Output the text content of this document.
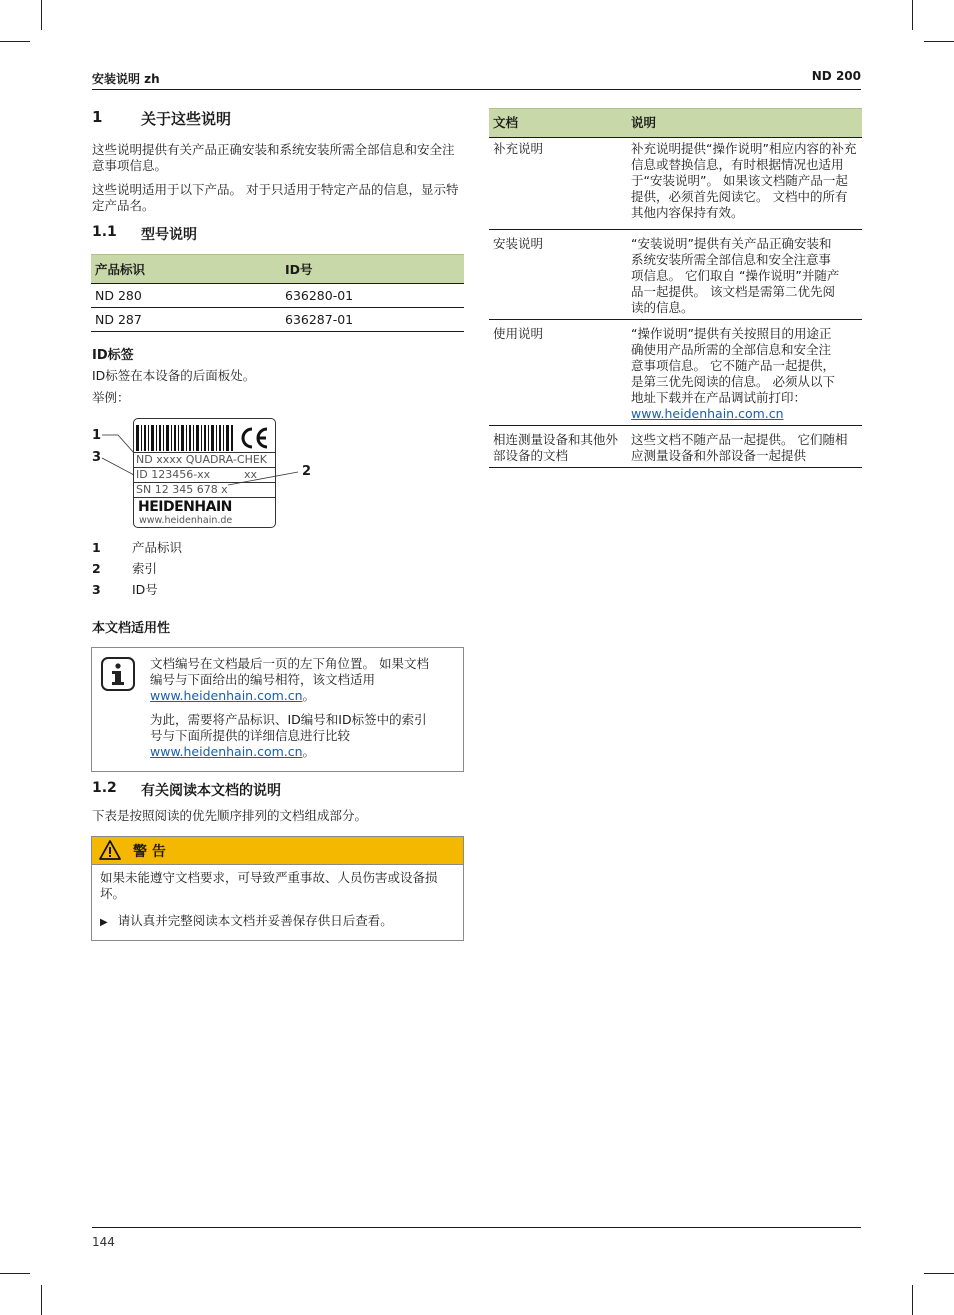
安装说明 zh	ND 200
1	关于这些说明
这些说明提供有关产品正确安装和系统安装所需全部信息和安全注意事项信息。
这些说明适用于以下产品。 对于只适用于特定产品的信息，显示特定产品名。
1.1 型号说明
产品标识	ID号
ND 280	636280-01
ND 287	636287-01
ID标签
ID标签在本设备的后面板处。
举例：
1
3
2
ND xxxx QUADRA-CHEK
ID 123456-xx	xx
SN 12 345 678 x
HEIDENHAIN
www.heidenhain.de
1	产品标识
2	索引
3	ID号
本文档适用性
文档编号在文档最后一页的左下角位置。 如果文档编号与下面给出的编号相符，该文档适用
www.heidenhain.com.cn。
为此，需要将产品标识、ID编号和ID标签中的索引号与下面所提供的详细信息进行比较
www.heidenhain.com.cn。
1.2 有关阅读本文档的说明
下表是按照阅读的优先顺序排列的文档组成部分。
警 告
如果未能遵守文档要求，可导致严重事故、人员伤害或设备损坏。
▶ 请认真并完整阅读本文档并妥善保存供日后查看。
文档	说明
补充说明	补充说明提供“操作说明”相应内容的补充信息或替换信息，有时根据情况也适用于“安装说明”。 如果该文档随产品一起提供，必须首先阅读它。 文档中的所有其他内容保持有效。
安装说明	“安装说明”提供有关产品正确安装和系统安装所需全部信息和安全注意事项信息。 它们取自 “操作说明”并随产品一起提供。 该文档是需第二优先阅读的信息。
使用说明	“操作说明”提供有关按照目的用途正确使用产品所需的全部信息和安全注意事项信息。 它不随产品一起提供，是第三优先阅读的信息。 必须从以下地址下载并在产品调试前打印： www.heidenhain.com.cn
相连测量设备和其他外部设备的文档	这些文档不随产品一起提供。 它们随相应测量设备和外部设备一起提供
144
